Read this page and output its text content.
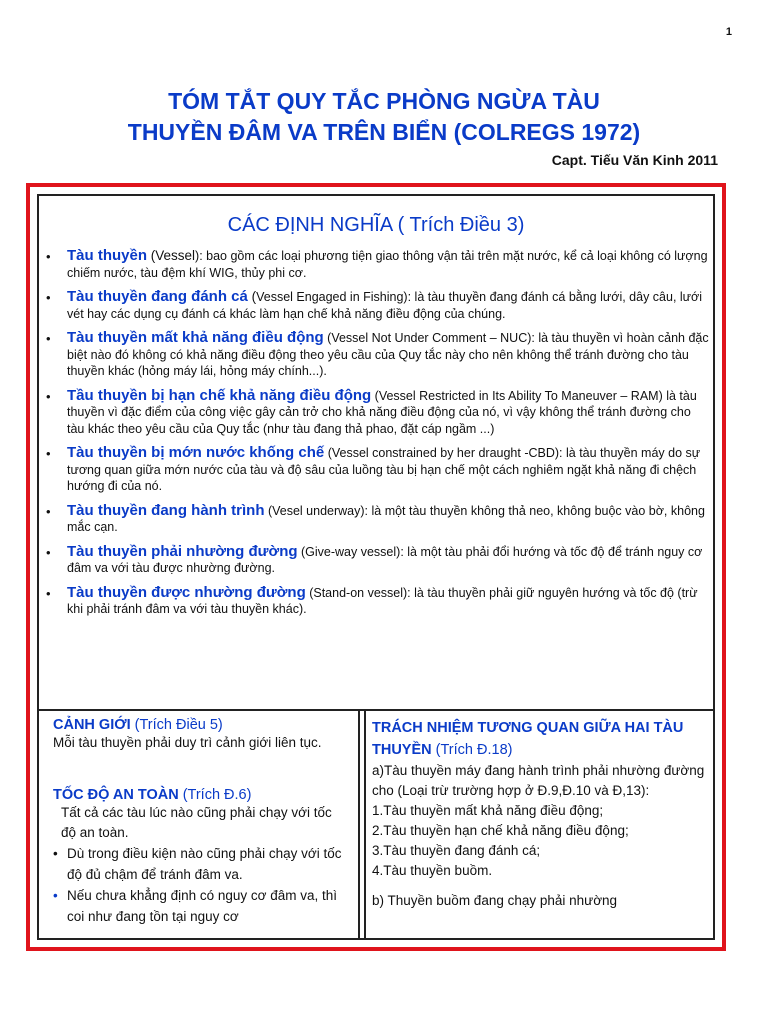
1
TÓM TẮT QUY TẮC PHÒNG NGỪA TÀU
THUYỀN ĐÂM VA TRÊN BIỂN (COLREGS 1972)
Capt. Tiếu Văn Kinh 2011
CÁC ĐỊNH NGHĨA ( Trích Điều 3)
• Tàu thuyền (Vessel): bao gồm các loại phương tiện giao thông vận tải trên mặt nước, kể cả loại không có lượng chiếm nước, tàu đệm khí WIG, thủy phi cơ.
• Tàu thuyền đang đánh cá (Vessel Engaged in Fishing): là tàu thuyền đang đánh cá bằng lưới, dây câu, lưới vét hay các dụng cụ đánh cá khác làm hạn chế khả năng điều động của chúng.
• Tàu thuyền mất khả năng điều động (Vessel Not Under Comment – NUC): là tàu thuyền vì hoàn cảnh đặc biệt nào đó không có khả năng điều động theo yêu cầu của Quy tắc này cho nên không thể tránh đường cho tàu thuyền khác (hỏng máy lái, hỏng máy chính...).
• Tầu thuyền bị hạn chế khả năng điều động (Vessel Restricted in Its Ability To Maneuver – RAM) là tàu thuyền vì đặc điểm của công việc gây cản trở cho khả năng điều động của nó, vì vậy không thể tránh đường cho tàu khác theo yêu cầu của Quy tắc (như tàu đang thả phao, đặt cáp ngầm ...)
• Tàu thuyền bị mớn nước khống chế (Vessel constrained by her draught -CBD): là tàu thuyền máy do sự tương quan giữa mớn nước của tàu và độ sâu của luồng tàu bị hạn chế một cách nghiêm ngặt khả năng đi chệch hướng đi của nó.
• Tàu thuyền đang hành trình (Vesel underway): là một tàu thuyền không thả neo, không buộc vào bờ, không mắc cạn.
• Tàu thuyền phải nhường đường (Give-way vessel): là một tàu phải đổi hướng và tốc độ để tránh nguy cơ đâm va với tàu được nhường đường.
• Tàu thuyền được nhường đường (Stand-on vessel): là tàu thuyền phải giữ nguyên hướng và tốc độ (trừ khi phải tránh đâm va với tàu thuyền khác).
CẢNH GIỚI (Trích Điều 5)
Mỗi tàu thuyền phải duy trì cảnh giới liên tục.
TỐC ĐỘ AN TOÀN (Trích Đ.6)
Tất cả các tàu lúc nào cũng phải chạy với tốc độ an toàn.
• Dù trong điều kiện nào cũng phải chạy với tốc độ đủ chậm để tránh đâm va.
• Nếu chưa khẳng định có nguy cơ đâm va, thì coi như đang tồn tại nguy cơ
TRÁCH NHIỆM TƯƠNG QUAN GIỮA HAI TÀU THUYỀN (Trích Đ.18)
a)Tàu thuyền máy đang hành trình phải nhường đường cho (Loại trừ trường hợp ở Đ.9,Đ.10 và Đ,13):
1.Tàu thuyền mất khả năng điều động;
2.Tàu thuyền hạn chế khả năng điều động;
3.Tàu thuyền đang đánh cá;
4.Tàu thuyền buồm.
b) Thuyền buồm đang chạy phải nhường
